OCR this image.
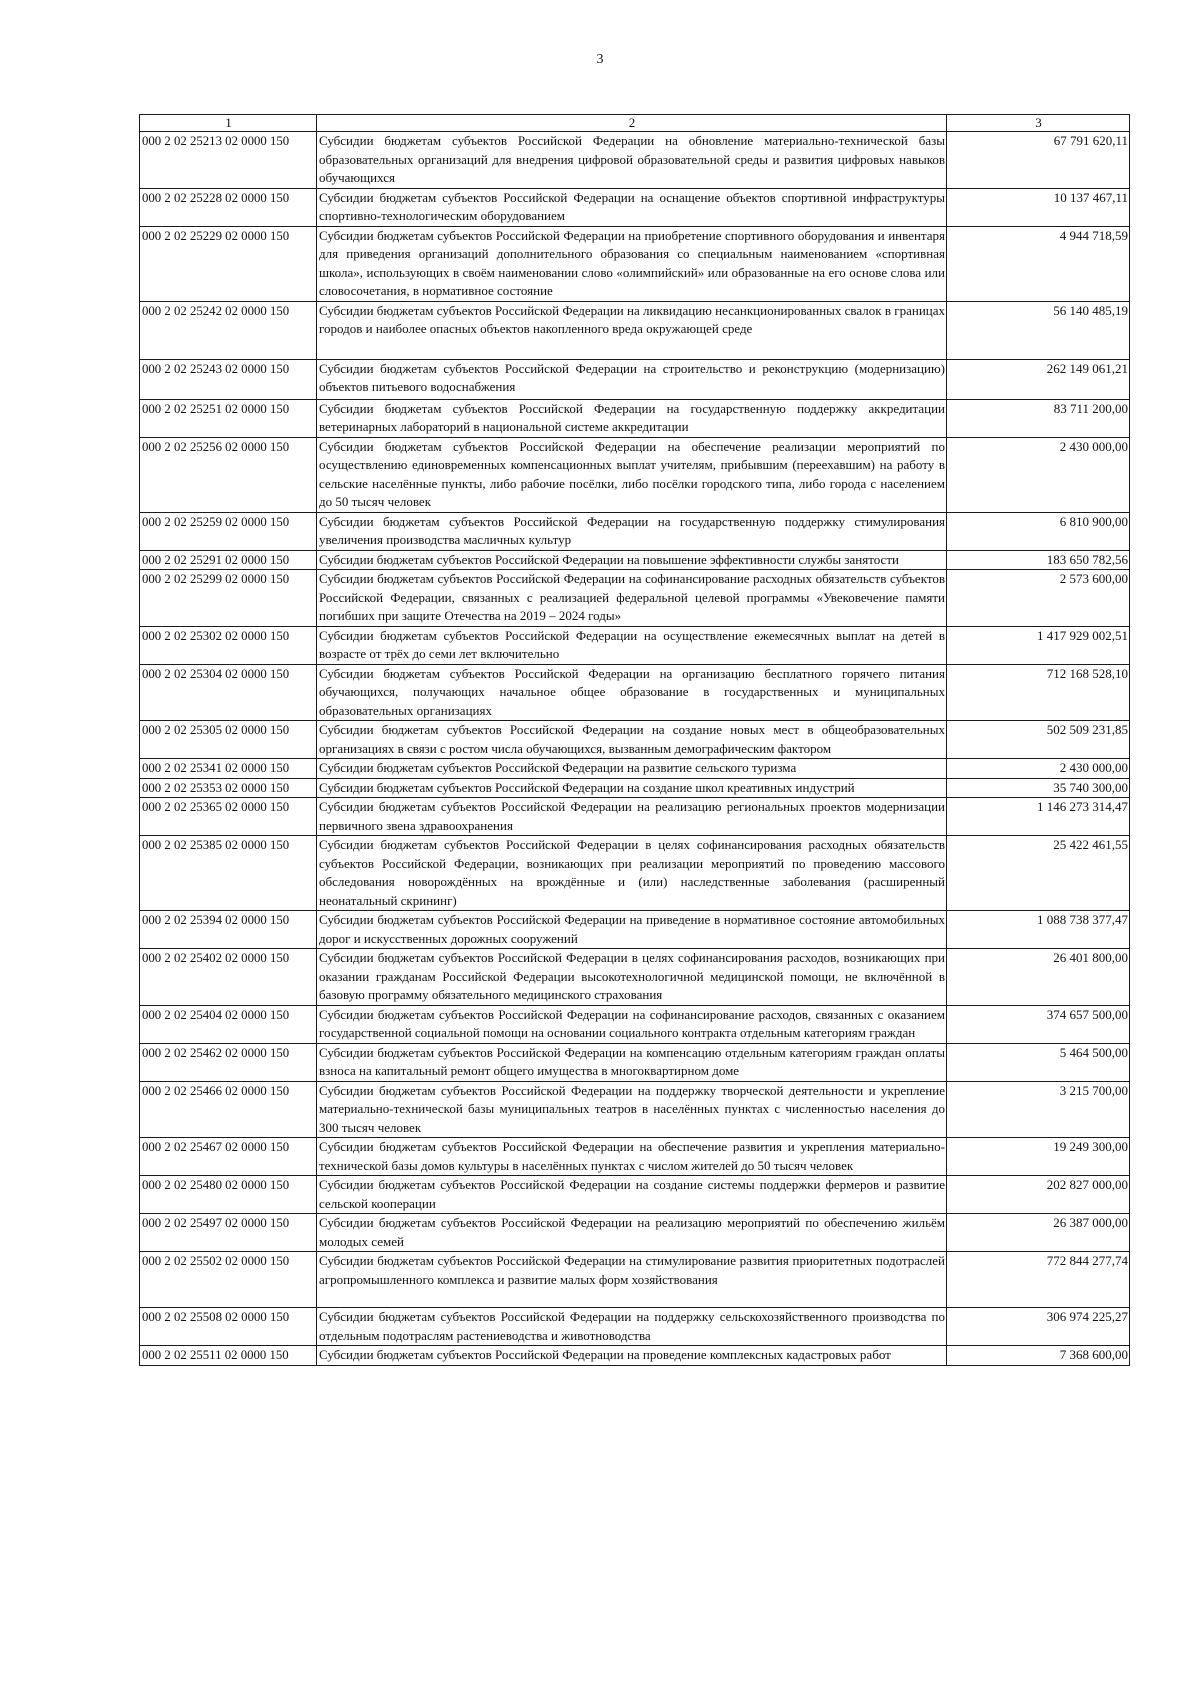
3
1	2	3
000 2 02 25213 02 0000 150	Субсидии бюджетам субъектов Российской Федерации на обновление материально-технической базы образовательных организаций для внедрения цифровой образовательной среды и развития цифровых навыков обучающихся	67 791 620,11
000 2 02 25228 02 0000 150	Субсидии бюджетам субъектов Российской Федерации на оснащение объектов спортивной инфраструктуры спортивно-технологическим оборудованием	10 137 467,11
000 2 02 25229 02 0000 150	Субсидии бюджетам субъектов Российской Федерации на приобретение спортивного оборудования и инвентаря для приведения организаций дополнительного образования со специальным наименованием «спортивная школа», использующих в своём наименовании слово «олимпийский» или образованные на его основе слова или словосочетания, в нормативное состояние	4 944 718,59
000 2 02 25242 02 0000 150	Субсидии бюджетам субъектов Российской Федерации на ликвидацию несанкционированных свалок в границах городов и наиболее опасных объектов накопленного вреда окружающей среде	56 140 485,19
000 2 02 25243 02 0000 150	Субсидии бюджетам субъектов Российской Федерации на строительство и реконструкцию (модернизацию) объектов питьевого водоснабжения	262 149 061,21
000 2 02 25251 02 0000 150	Субсидии бюджетам субъектов Российской Федерации на государственную поддержку аккредитации ветеринарных лабораторий в национальной системе аккредитации	83 711 200,00
000 2 02 25256 02 0000 150	Субсидии бюджетам субъектов Российской Федерации на обеспечение реализации мероприятий по осуществлению единовременных компенсационных выплат учителям, прибывшим (переехавшим) на работу в сельские населённые пункты, либо рабочие посёлки, либо посёлки городского типа, либо города с населением до 50 тысяч человек	2 430 000,00
000 2 02 25259 02 0000 150	Субсидии бюджетам субъектов Российской Федерации на государственную поддержку стимулирования увеличения производства масличных культур	6 810 900,00
000 2 02 25291 02 0000 150	Субсидии бюджетам субъектов Российской Федерации на повышение эффективности службы занятости	183 650 782,56
000 2 02 25299 02 0000 150	Субсидии бюджетам субъектов Российской Федерации на софинансирование расходных обязательств субъектов Российской Федерации, связанных с реализацией федеральной целевой программы «Увековечение памяти погибших при защите Отечества на 2019 – 2024 годы»	2 573 600,00
000 2 02 25302 02 0000 150	Субсидии бюджетам субъектов Российской Федерации на осуществление ежемесячных выплат на детей в возрасте от трёх до семи лет включительно	1 417 929 002,51
000 2 02 25304 02 0000 150	Субсидии бюджетам субъектов Российской Федерации на организацию бесплатного горячего питания обучающихся, получающих начальное общее образование в государственных и муниципальных образовательных организациях	712 168 528,10
000 2 02 25305 02 0000 150	Субсидии бюджетам субъектов Российской Федерации на создание новых мест в общеобразовательных организациях в связи с ростом числа обучающихся, вызванным демографическим фактором	502 509 231,85
000 2 02 25341 02 0000 150	Субсидии бюджетам субъектов Российской Федерации на развитие сельского туризма	2 430 000,00
000 2 02 25353 02 0000 150	Субсидии бюджетам субъектов Российской Федерации на создание школ креативных индустрий	35 740 300,00
000 2 02 25365 02 0000 150	Субсидии бюджетам субъектов Российской Федерации на реализацию региональных проектов модернизации первичного звена здравоохранения	1 146 273 314,47
000 2 02 25385 02 0000 150	Субсидии бюджетам субъектов Российской Федерации в целях софинансирования расходных обязательств субъектов Российской Федерации, возникающих при реализации мероприятий по проведению массового обследования новорождённых на врождённые и (или) наследственные заболевания (расширенный неонатальный скрининг)	25 422 461,55
000 2 02 25394 02 0000 150	Субсидии бюджетам субъектов Российской Федерации на приведение в нормативное состояние автомобильных дорог и искусственных дорожных сооружений	1 088 738 377,47
000 2 02 25402 02 0000 150	Субсидии бюджетам субъектов Российской Федерации в целях софинансирования расходов, возникающих при оказании гражданам Российской Федерации высокотехнологичной медицинской помощи, не включённой в базовую программу обязательного медицинского страхования	26 401 800,00
000 2 02 25404 02 0000 150	Субсидии бюджетам субъектов Российской Федерации на софинансирование расходов, связанных с оказанием государственной социальной помощи на основании социального контракта отдельным категориям граждан	374 657 500,00
000 2 02 25462 02 0000 150	Субсидии бюджетам субъектов Российской Федерации на компенсацию отдельным категориям граждан оплаты взноса на капитальный ремонт общего имущества в многоквартирном доме	5 464 500,00
000 2 02 25466 02 0000 150	Субсидии бюджетам субъектов Российской Федерации на поддержку творческой деятельности и укрепление материально-технической базы муниципальных театров в населённых пунктах с численностью населения до 300 тысяч человек	3 215 700,00
000 2 02 25467 02 0000 150	Субсидии бюджетам субъектов Российской Федерации на обеспечение развития и укрепления материально-технической базы домов культуры в населённых пунктах с числом жителей до 50 тысяч человек	19 249 300,00
000 2 02 25480 02 0000 150	Субсидии бюджетам субъектов Российской Федерации на создание системы поддержки фермеров и развитие сельской кооперации	202 827 000,00
000 2 02 25497 02 0000 150	Субсидии бюджетам субъектов Российской Федерации на реализацию мероприятий по обеспечению жильём молодых семей	26 387 000,00
000 2 02 25502 02 0000 150	Субсидии бюджетам субъектов Российской Федерации на стимулирование развития приоритетных подотраслей агропромышленного комплекса и развитие малых форм хозяйствования	772 844 277,74
000 2 02 25508 02 0000 150	Субсидии бюджетам субъектов Российской Федерации на поддержку сельскохозяйственного производства по отдельным подотраслям растениеводства и животноводства	306 974 225,27
000 2 02 25511 02 0000 150	Субсидии бюджетам субъектов Российской Федерации на проведение комплексных кадастровых работ	7 368 600,00
